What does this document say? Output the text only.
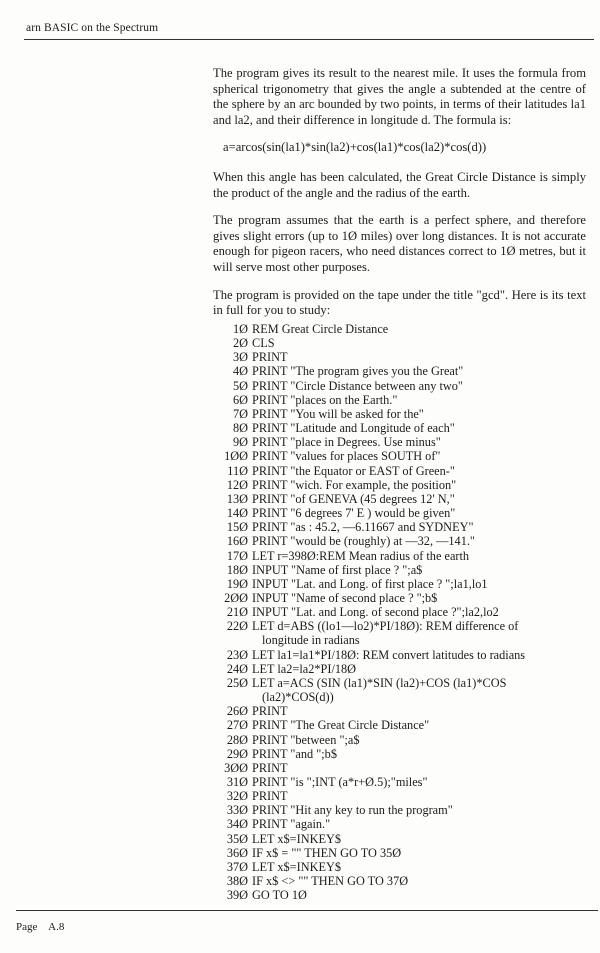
arn BASIC on the Spectrum

The program gives its result to the nearest mile. It uses the formula from spherical trigonometry that gives the angle a subtended at the centre of the sphere by an arc bounded by two points, in terms of their latitudes la1 and la2, and their difference in longitude d. The formula is:

a=arcos(sin(la1)*sin(la2)+cos(la1)*cos(la2)*cos(d))

When this angle has been calculated, the Great Circle Distance is simply the product of the angle and the radius of the earth.

The program assumes that the earth is a perfect sphere, and therefore gives slight errors (up to 1Ø miles) over long distances. It is not accurate enough for pigeon racers, who need distances correct to 1Ø metres, but it will serve most other purposes.

The program is provided on the tape under the title "gcd". Here is its text in full for you to study:

1Ø REM Great Circle Distance
2Ø CLS
3Ø PRINT
4Ø PRINT "The program gives you the Great"
5Ø PRINT "Circle Distance between any two"
6Ø PRINT "places on the Earth."
7Ø PRINT "You will be asked for the"
8Ø PRINT "Latitude and Longitude of each"
9Ø PRINT "place in Degrees. Use minus"
1ØØ PRINT "values for places SOUTH of"
11Ø PRINT "the Equator or EAST of Green-"
12Ø PRINT "wich. For example, the position"
13Ø PRINT "of GENEVA (45 degrees 12' N,"
14Ø PRINT "6 degrees 7' E ) would be given"
15Ø PRINT "as : 45.2, —6.11667 and SYDNEY"
16Ø PRINT "would be (roughly) at —32, —141."
17Ø LET r=398Ø:REM Mean radius of the earth
18Ø INPUT "Name of first place ? ";a$
19Ø INPUT "Lat. and Long. of first place ? ";la1,lo1
2ØØ INPUT "Name of second place ? ";b$
21Ø INPUT "Lat. and Long. of second place ?";la2,lo2
22Ø LET d=ABS ((lo1—lo2)*PI/18Ø): REM difference of
longitude in radians
23Ø LET la1=la1*PI/18Ø: REM convert latitudes to radians
24Ø LET la2=la2*PI/18Ø
25Ø LET a=ACS (SIN (la1)*SIN (la2)+COS (la1)*COS
(la2)*COS(d))
26Ø PRINT
27Ø PRINT "The Great Circle Distance"
28Ø PRINT "between ";a$
29Ø PRINT "and ";b$
3ØØ PRINT
31Ø PRINT "is ";INT (a*r+Ø.5);"miles"
32Ø PRINT
33Ø PRINT "Hit any key to run the program"
34Ø PRINT "again."
35Ø LET x$=INKEY$
36Ø IF x$ = "" THEN GO TO 35Ø
37Ø LET x$=INKEY$
38Ø IF x$ <> "" THEN GO TO 37Ø
39Ø GO TO 1Ø
Page A.8
